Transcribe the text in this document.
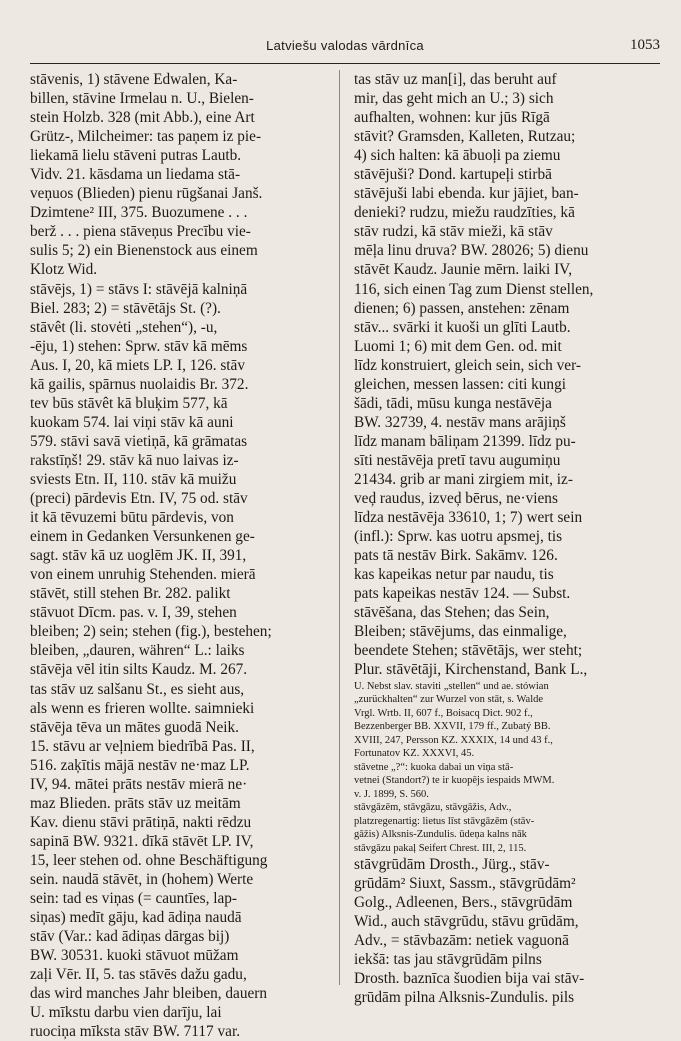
Latviešu valodas vārdnīca	1053
stāvenis, 1) stāvene Edwalen, Ka-
billen, stāvine Irmelau n. U., Bielen-
stein Holzb. 328 (mit Abb.), eine Art
Grütz-, Milcheimer: tas paņem iz pie-
liekamā lielu stāveni putras Lautb.
Vidv. 21. kāsdama un liedama stā-
veņuos (Blieden) pienu rūgšanai Janš.
Dzimtene² III, 375. Buozumene . . .
berž . . . piena stāveņus Precību vie-
sulis 5; 2) ein Bienenstock aus einem
Klotz Wid.
stāvējs, 1) = stāvs I: stāvējā kalniņā
Biel. 283; 2) = stāvētājs St. (?).
stāvêt (li. stovėti „stehen“), -u,
-ēju, 1) stehen: Sprw. stāv kā mēms
Aus. I, 20, kā miets LP. I, 126. stāv
kā gailis, spārnus nuolaidis Br. 372.
tev būs stāvêt kā bluķim 577, kā
kuokam 574. lai viņi stāv kā auni
579. stāvi savā vietiņā, kā grāmatas
rakstīņš! 29. stāv kā nuo laivas iz-
sviests Etn. II, 110. stāv kā muižu
(preci) pārdevis Etn. IV, 75 od. stāv
it kā tēvuzemi būtu pārdevis, von
einem in Gedanken Versunkenen ge-
sagt. stāv kā uz uoglēm JK. II, 391,
von einem unruhig Stehenden. mierā
stāvēt, still stehen Br. 282. palikt
stāvuot Dīcm. pas. v. I, 39, stehen
bleiben; 2) sein; stehen (fig.), bestehen;
bleiben, „dauren, währen“ L.: laiks
stāvēja vēl itin silts Kaudz. M. 267.
tas stāv uz salšanu St., es sieht aus,
als wenn es frieren wollte. saimnieki
stāvēja tēva un mātes guodā Neik.
15. stāvu ar veļniem biedrībā Pas. II,
516. zaķītis mājā nestāv ne·maz LP.
IV, 94. mātei prāts nestāv mierā ne·
maz Blieden. prāts stāv uz meitām
Kav. dienu stāvi prātiņā, nakti rēdzu
sapinā BW. 9321. dīkā stāvēt LP. IV,
15, leer stehen od. ohne Beschäftigung
sein. naudā stāvēt, in (hohem) Werte
sein: tad es viņas (= cauntīes, lap-
siņas) medīt gāju, kad ādiņa naudā
stāv (Var.: kad ādiņas dārgas bij)
BW. 30531. kuoki stāvuot mūžam
zaļi Vēr. II, 5. tas stāvēs dažu gadu,
das wird manches Jahr bleiben, dauern
U. mīkstu darbu vien darīju, lai
ruociņa mīksta stāv BW. 7117 var.
tas stāv uz man[i], das beruht auf
mir, das geht mich an U.; 3) sich
aufhalten, wohnen: kur jūs Rīgā
stāvit? Gramsden, Kalleten, Rutzau;
4) sich halten: kā ābuoļi pa ziemu
stāvējuši? Dond. kartupeļi stirbā
stāvējuši labi ebenda. kur jājiet, ban-
denieki? rudzu, miežu raudzīties, kā
stāv rudzi, kā stāv mieži, kā stāv
mēļa linu druva? BW. 28026; 5) dienu
stāvēt Kaudz. Jaunie mērn. laiki IV,
116, sich einen Tag zum Dienst stellen,
dienen; 6) passen, anstehen: zēnam
stāv... svārki it kuoši un glīti Lautb.
Luomi 1; 6) mit dem Gen. od. mit
līdz konstruiert, gleich sein, sich ver-
gleichen, messen lassen: citi kungi
šādi, tādi, mūsu kunga nestāvēja
BW. 32739, 4. nestāv mans arājiņš
līdz manam bāliņam 21399. līdz pu-
sīti nestāvēja pretī tavu augumiņu
21434. grib ar mani zirgiem mit, iz-
veḑ raudus, izveḑ bērus, ne·viens
līdza nestāvēja 33610, 1; 7) wert sein
(infl.): Sprw. kas uotru apsmej, tis
pats tā nestāv Birk. Sakāmv. 126.
kas kapeikas netur par naudu, tis
pats kapeikas nestāv 124. — Subst.
stāvēšana, das Stehen; das Sein,
Bleiben; stāvējums, das einmalige,
beendete Stehen; stāvētājs, wer steht;
Plur. stāvētāji, Kirchenstand, Bank L.,
U. Nebst slav. staviti „stellen“ und ae. stówian
„zurückhalten“ zur Wurzel von stāt, s. Walde
Vrgl. Wrtb. II, 607 f., Boisacq Dict. 902 f.,
Bezzenberger BB. XXVII, 179 ff., Zubatý BB.
XVIII, 247, Persson KZ. XXXIX, 14 und 43 f.,
Fortunatov KZ. XXXVI, 45.
stāvetne „?“: kuoka dabai un viņa stā-
vetnei (Standort?) te ir kuopējs iespaids MWM.
v. J. 1899, S. 560.
stāvgāzēm, stāvgāzu, stāvgāžis, Adv.,
platzregenartig: lietus līst stāvgāzēm (stāv-
gāžis) Alksnis-Zundulis. ūdeņa kalns nāk
stāvgāzu pakaļ Seifert Chrest. III, 2, 115.
stāvgrūdām Drosth., Jürg., stāv-
grūdām² Siuxt, Sassm., stāvgrūdām²
Golg., Adleenen, Bers., stāvgrūdām
Wid., auch stāvgrūdu, stāvu grūdām,
Adv., = stāvbazām: netiek vaguonā
iekšā: tas jau stāvgrūdām pilns
Drosth. baznīca šuodien bija vai stāv-
grūdām pilna Alksnis-Zundulis. pils
